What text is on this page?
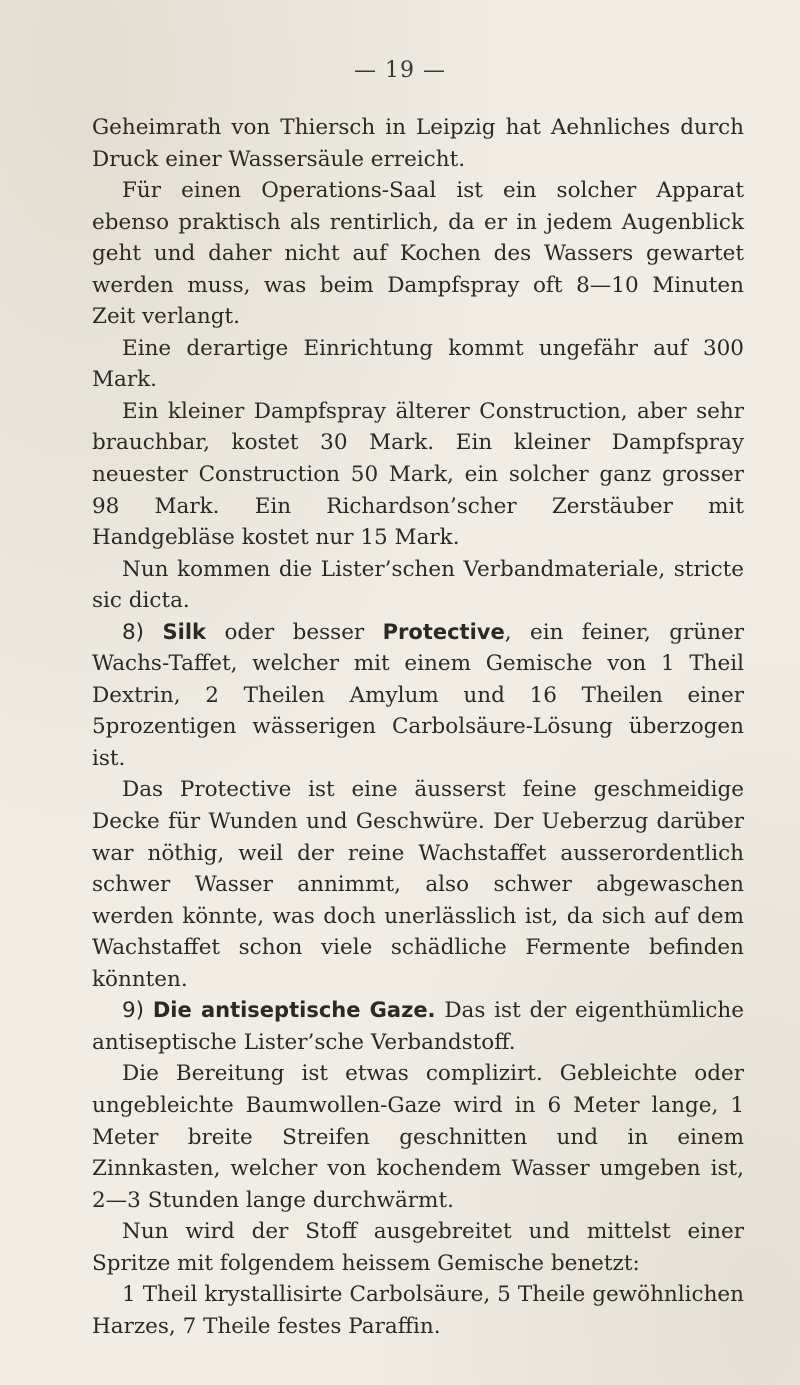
— 19 —

Geheimrath von Thiersch in Leipzig hat Aehnliches durch Druck einer Wassersäule erreicht.

Für einen Operations-Saal ist ein solcher Apparat ebenso praktisch als rentirlich, da er in jedem Augenblick geht und daher nicht auf Kochen des Wassers gewartet werden muss, was beim Dampfspray oft 8—10 Minuten Zeit verlangt.

Eine derartige Einrichtung kommt ungefähr auf 300 Mark.

Ein kleiner Dampfspray älterer Construction, aber sehr brauchbar, kostet 30 Mark. Ein kleiner Dampfspray neuester Construction 50 Mark, ein solcher ganz grosser 98 Mark. Ein Richardson’scher Zerstäuber mit Handgebläse kostet nur 15 Mark.

Nun kommen die Lister’schen Verbandmateriale, stricte sic dicta.

8) Silk oder besser Protective, ein feiner, grüner Wachs-Taffet, welcher mit einem Gemische von 1 Theil Dextrin, 2 Theilen Amylum und 16 Theilen einer 5prozentigen wässerigen Carbolsäure-Lösung überzogen ist.

Das Protective ist eine äusserst feine geschmeidige Decke für Wunden und Geschwüre. Der Ueberzug darüber war nöthig, weil der reine Wachstaffet ausserordentlich schwer Wasser annimmt, also schwer abgewaschen werden könnte, was doch unerlässlich ist, da sich auf dem Wachstaffet schon viele schädliche Fermente befinden könnten.

9) Die antiseptische Gaze. Das ist der eigenthümliche antiseptische Lister’sche Verbandstoff.

Die Bereitung ist etwas complizirt. Gebleichte oder ungebleichte Baumwollen-Gaze wird in 6 Meter lange, 1 Meter breite Streifen geschnitten und in einem Zinnkasten, welcher von kochendem Wasser umgeben ist, 2—3 Stunden lange durchwärmt.

Nun wird der Stoff ausgebreitet und mittelst einer Spritze mit folgendem heissem Gemische benetzt:

1 Theil krystallisirte Carbolsäure, 5 Theile gewöhnlichen Harzes, 7 Theile festes Paraffin.
